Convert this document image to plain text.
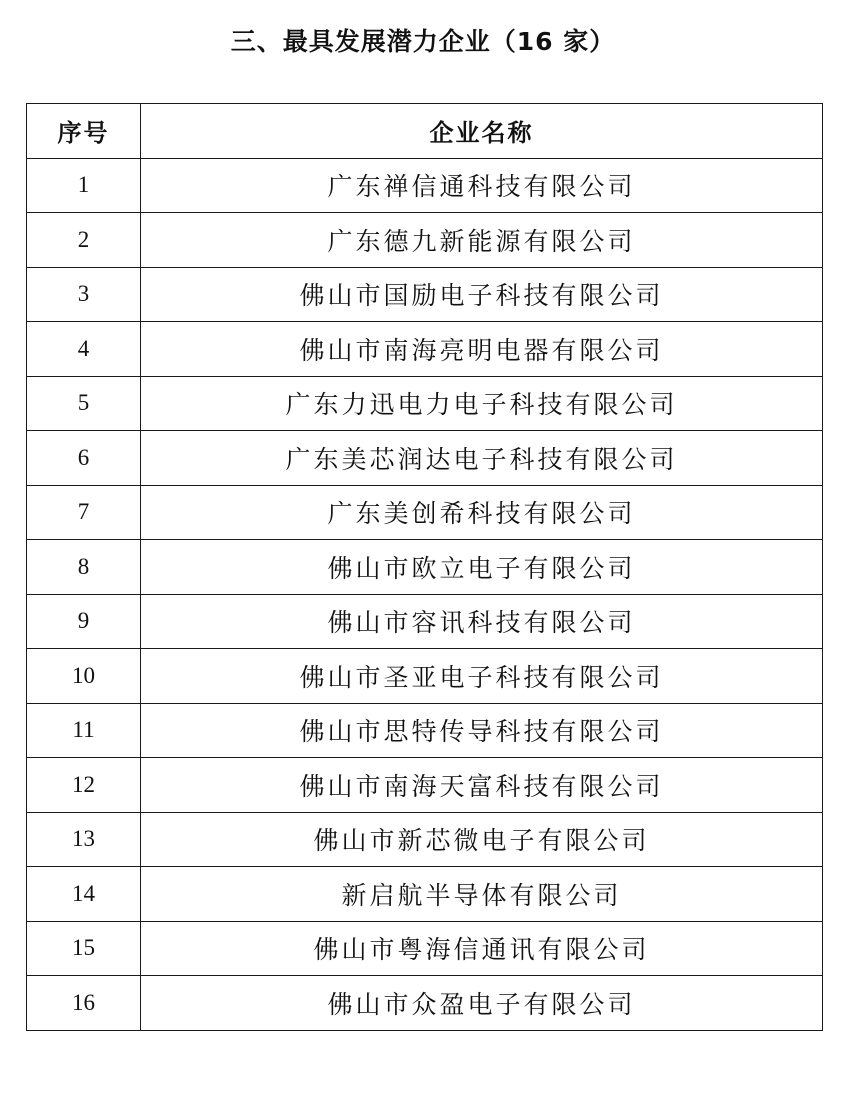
三、最具发展潜力企业（16 家）
序号	企业名称
1	广东禅信通科技有限公司
2	广东德九新能源有限公司
3	佛山市国励电子科技有限公司
4	佛山市南海亮明电器有限公司
5	广东力迅电力电子科技有限公司
6	广东美芯润达电子科技有限公司
7	广东美创希科技有限公司
8	佛山市欧立电子有限公司
9	佛山市容讯科技有限公司
10	佛山市圣亚电子科技有限公司
11	佛山市思特传导科技有限公司
12	佛山市南海天富科技有限公司
13	佛山市新芯微电子有限公司
14	新启航半导体有限公司
15	佛山市粤海信通讯有限公司
16	佛山市众盈电子有限公司
